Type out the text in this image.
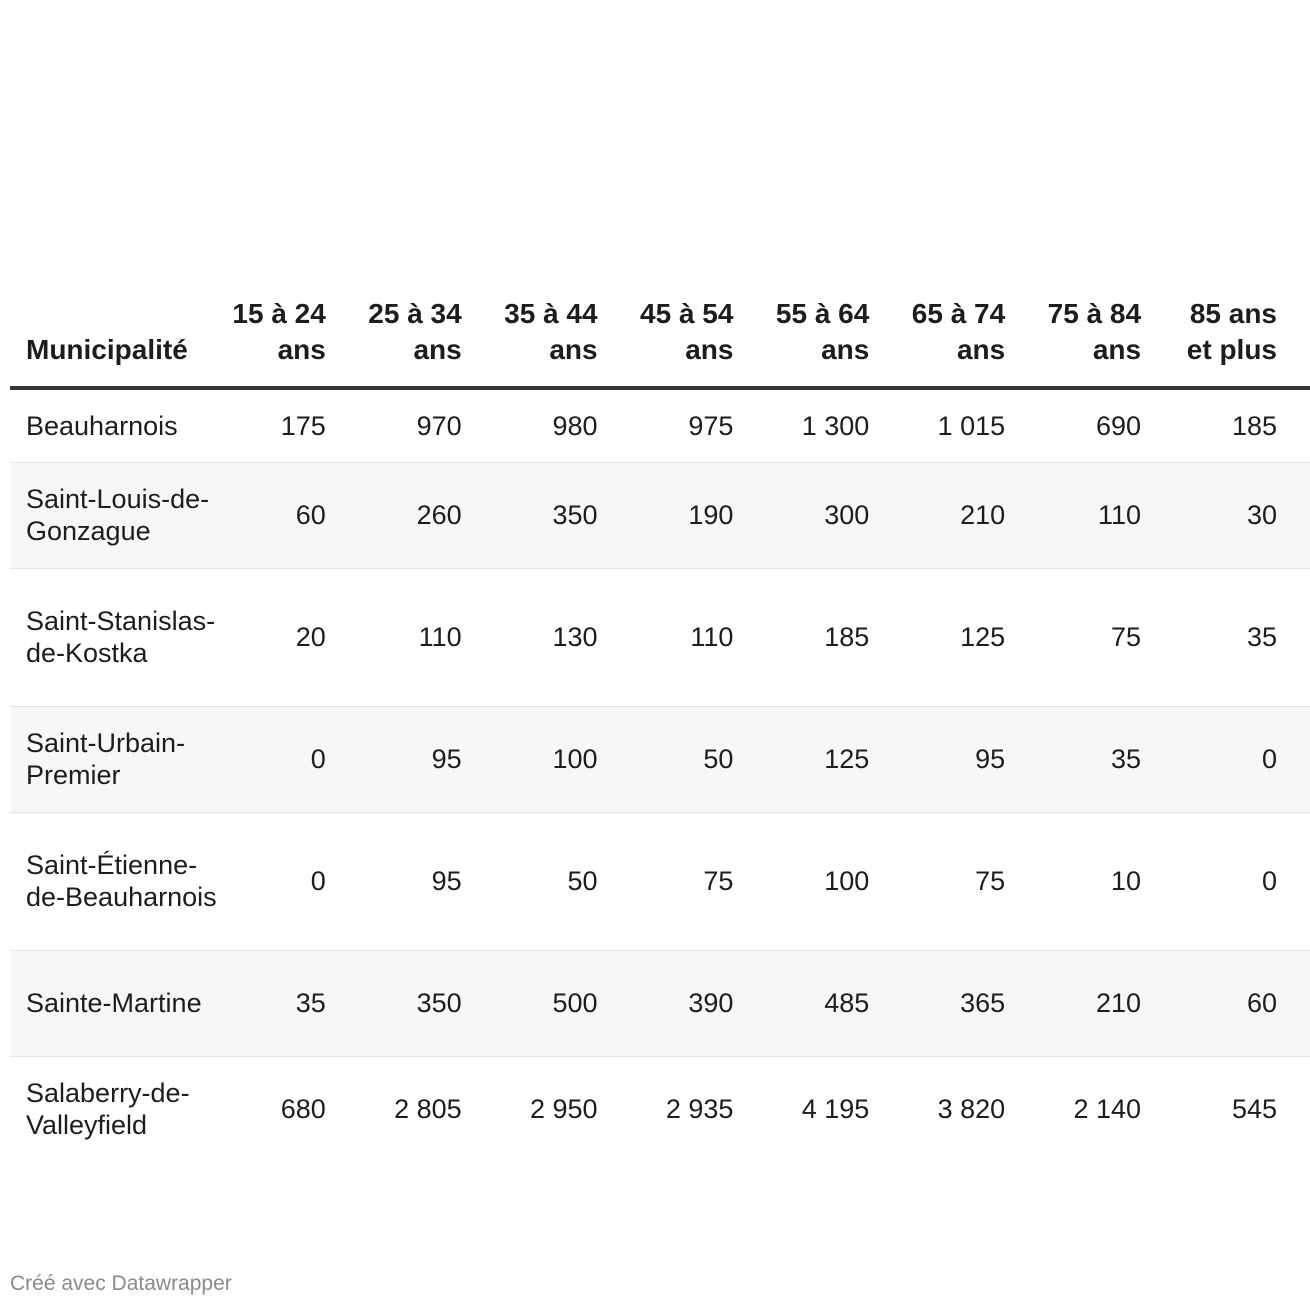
Municipalité	15 à 24 ans	25 à 34 ans	35 à 44 ans	45 à 54 ans	55 à 64 ans	65 à 74 ans	75 à 84 ans	85 ans et plus
Beauharnois	175	970	980	975	1 300	1 015	690	185
Saint-Louis-de-Gonzague	60	260	350	190	300	210	110	30
Saint-Stanislas-de-Kostka	20	110	130	110	185	125	75	35
Saint-Urbain-Premier	0	95	100	50	125	95	35	0
Saint-Étienne-de-Beauharnois	0	95	50	75	100	75	10	0
Sainte-Martine	35	350	500	390	485	365	210	60
Salaberry-de-Valleyfield	680	2 805	2 950	2 935	4 195	3 820	2 140	545
Créé avec Datawrapper
